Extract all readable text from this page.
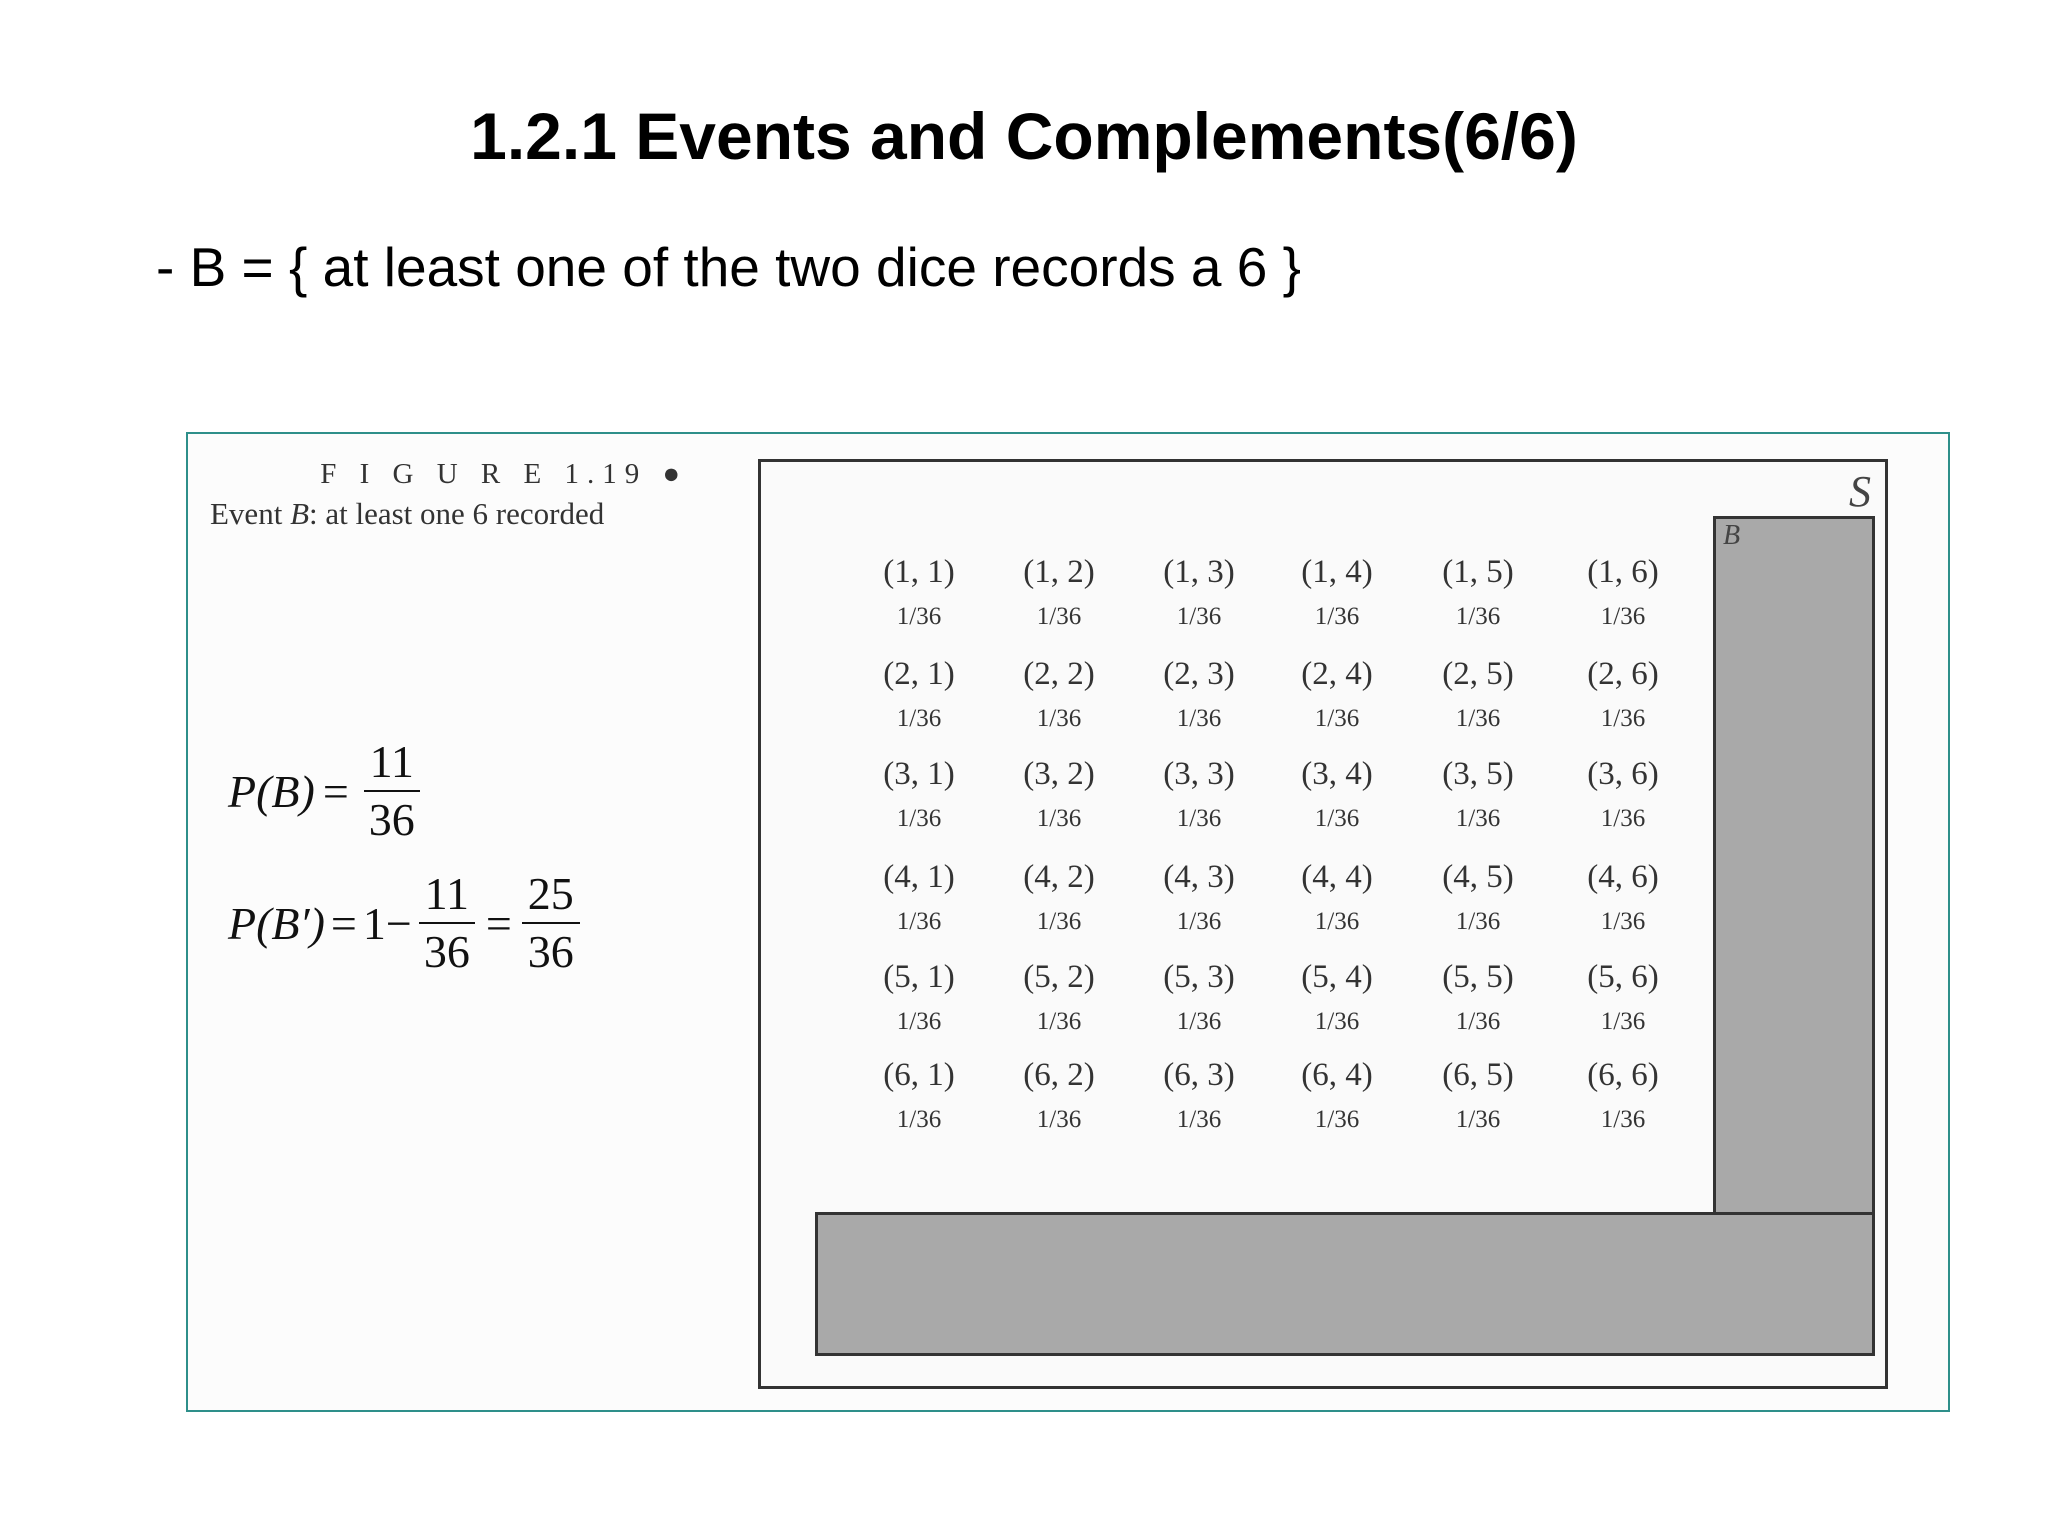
1.2.1 Events and Complements(6/6)
- B = { at least one of the two dice records a 6 }
F I G U R E 1.19 ●
Event B: at least one 6 recorded
$P(B) = \frac{11}{36}$
$P(B') = 1 - \frac{11}{36} = \frac{25}{36}$
S
B
(1, 1)
1/36
(1, 2)
1/36
(1, 3)
1/36
(1, 4)
1/36
(1, 5)
1/36
(1, 6)
1/36
(2, 1)
1/36
(2, 2)
1/36
(2, 3)
1/36
(2, 4)
1/36
(2, 5)
1/36
(2, 6)
1/36
(3, 1)
1/36
(3, 2)
1/36
(3, 3)
1/36
(3, 4)
1/36
(3, 5)
1/36
(3, 6)
1/36
(4, 1)
1/36
(4, 2)
1/36
(4, 3)
1/36
(4, 4)
1/36
(4, 5)
1/36
(4, 6)
1/36
(5, 1)
1/36
(5, 2)
1/36
(5, 3)
1/36
(5, 4)
1/36
(5, 5)
1/36
(5, 6)
1/36
(6, 1)
1/36
(6, 2)
1/36
(6, 3)
1/36
(6, 4)
1/36
(6, 5)
1/36
(6, 6)
1/36
